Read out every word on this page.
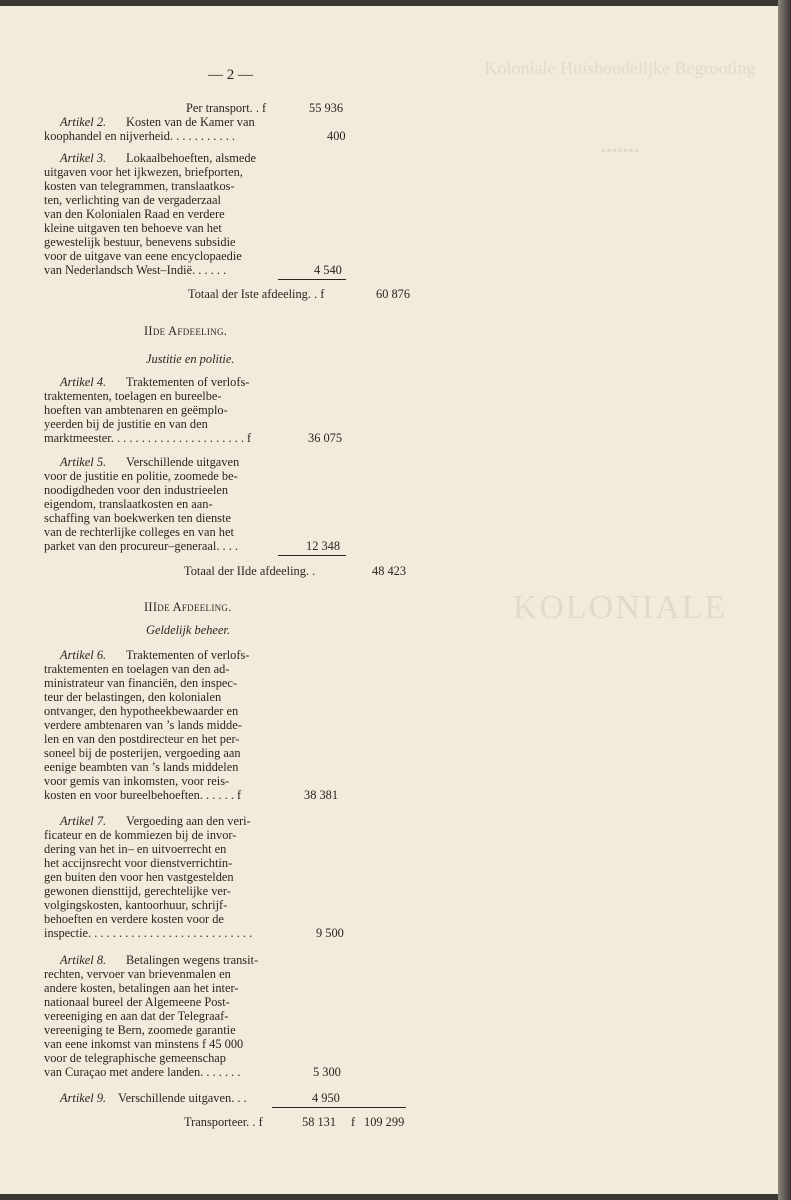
Koloniale Huishoudelijke Begrooting
•••••••
KOLONIALE
— 2 —
Per transport. . f	55 936
Artikel 2. Kosten van de Kamer van
koophandel en nijverheid. . . . . . . . . . .	400
Artikel 3. Lokaalbehoeften, alsmede
uitgaven voor het ijkwezen, briefporten,
kosten van telegrammen, translaatkos-
ten, verlichting van de vergaderzaal
van den Kolonialen Raad en verdere
kleine uitgaven ten behoeve van het
gewestelijk bestuur, benevens subsidie
voor de uitgave van eene encyclopaedie
van Nederlandsch West–Indië. . . . . .	4 540
Totaal der Iste afdeeling. . f	60 876
IIde Afdeeling.
Justitie en politie.
Artikel 4. Traktementen of verlofs-
traktementen, toelagen en bureelbe-
hoeften van ambtenaren en geëmplo-
yeerden bij de justitie en van den
marktmeester. . . . . . . . . . . . . . . . . . . . . . f	36 075
Artikel 5. Verschillende uitgaven
voor de justitie en politie, zoomede be-
noodigdheden voor den industrieelen
eigendom, translaatkosten en aan-
schaffing van boekwerken ten dienste
van de rechterlijke colleges en van het
parket van den procureur–generaal. . . .	12 348
Totaal der IIde afdeeling. .	48 423
IIIde Afdeeling.
Geldelijk beheer.
Artikel 6. Traktementen of verlofs-
traktementen en toelagen van den ad-
ministrateur van financiën, den inspec-
teur der belastingen, den kolonialen
ontvanger, den hypotheekbewaarder en
verdere ambtenaren van ’s lands midde-
len en van den postdirecteur en het per-
soneel bij de posterijen, vergoeding aan
eenige beambten van ’s lands middelen
voor gemis van inkomsten, voor reis-
kosten en voor bureelbehoeften. . . . . . f	38 381
Artikel 7. Vergoeding aan den veri-
ficateur en de kommiezen bij de invor-
dering van het in– en uitvoerrecht en
het accijnsrecht voor dienstverrichtin-
gen buiten den voor hen vastgestelden
gewonen diensttijd, gerechtelijke ver-
volgingskosten, kantoorhuur, schrijf-
behoeften en verdere kosten voor de
inspectie. . . . . . . . . . . . . . . . . . . . . . . . . . .	9 500
Artikel 8. Betalingen wegens transit-
rechten, vervoer van brievenmalen en
andere kosten, betalingen aan het inter-
nationaal bureel der Algemeene Post-
vereeniging en aan dat der Telegraaf-
vereeniging te Bern, zoomede garantie
van eene inkomst van minstens f 45 000
voor de telegraphische gemeenschap
van Curaçao met andere landen. . . . . . .	5 300
Artikel 9. Verschillende uitgaven. . .	4 950
Transporteer. . f	58 131 f 109 299
